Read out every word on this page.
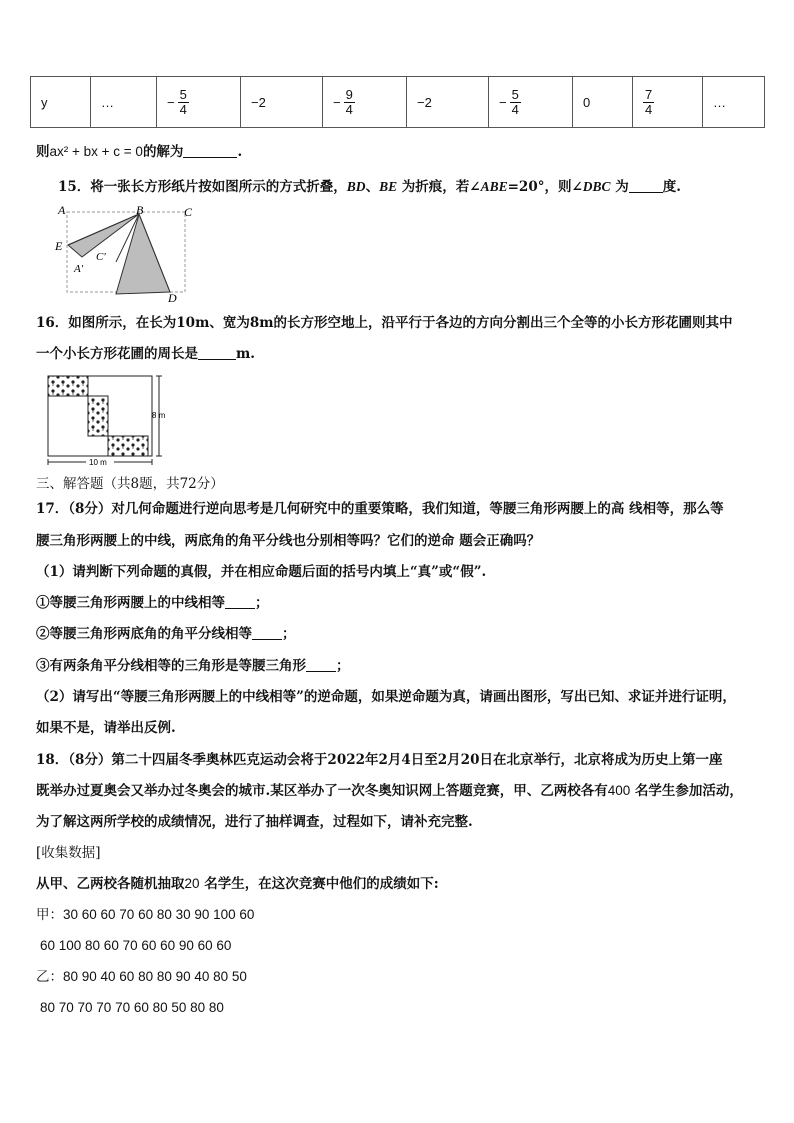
y	…	− $\frac{5}{4}$	−2	− $\frac{9}{4}$	−2	− $\frac{5}{4}$	0	$\frac{7}{4}$	…
则ax² + bx + c = 0的解为	.
15．将一张长方形纸片按如图所示的方式折叠，BD、BE 为折痕，若∠ABE=20°，则∠DBC 为	度.
A	B	C
E
A′
C′
D
16．如图所示，在长为10m、宽为8m的长方形空地上，沿平行于各边的方向分割出三个全等的小长方形花圃则其中
一个小长方形花圃的周长是	m.
8 m
10 m
三、解答题（共8题，共72分）
17．（8分）对几何命题进行逆向思考是几何研究中的重要策略，我们知道，等腰三角形两腰上的高 线相等，那么等
腰三角形两腰上的中线，两底角的角平分线也分别相等吗？它们的逆命 题会正确吗？
（1）请判断下列命题的真假，并在相应命题后面的括号内填上“真”或“假”.
①等腰三角形两腰上的中线相等 ；
②等腰三角形两底角的角平分线相等 ；
③有两条角平分线相等的三角形是等腰三角形 ；
（2）请写出“等腰三角形两腰上的中线相等”的逆命题，如果逆命题为真，请画出图形，写出已知、求证并进行证明，
如果不是，请举出反例.
18．（8分）第二十四届冬季奥林匹克运动会将于2022年2月4日至2月20日在北京举行，北京将成为历史上第一座
既举办过夏奥会又举办过冬奥会的城市.某区举办了一次冬奥知识网上答题竞赛，甲、乙两校各有400 名学生参加活动，
为了解这两所学校的成绩情况，进行了抽样调查，过程如下，请补充完整.
[收集数据]
从甲、乙两校各随机抽取20 名学生，在这次竞赛中他们的成绩如下:
甲：30 60 60 70 60 80 30 90 100 60
60 100 80 60 70 60 60 90 60 60
乙：80 90 40 60 80 80 90 40 80 50
80 70 70 70 70 60 80 50 80 80
